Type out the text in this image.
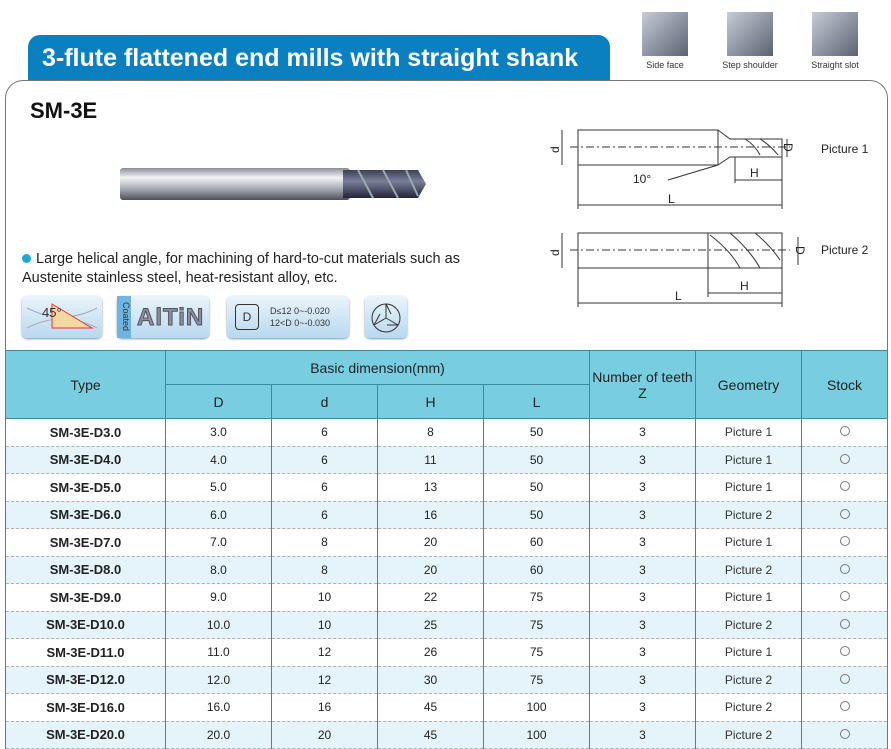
3-flute flattened end mills with straight shank	Side face	Step shoulder	Straight slot
SM-3E
Large helical angle, for machining of hard-to-cut materials such as Austenite stainless steel, heat-resistant alloy, etc.
45°	Coated AlTiN	D	D≤12 0~-0.020
12<D 0~-0.030
d	D
10°	H
L
Picture 1
d	D
H
L
Picture 2
Type	Basic dimension(mm)				Number of teeth Z	Geometry	Stock
	D	d	H	L			
SM-3E-D3.0	3.0	6	8	50	3	Picture 1	
SM-3E-D4.0	4.0	6	11	50	3	Picture 1	
SM-3E-D5.0	5.0	6	13	50	3	Picture 1	
SM-3E-D6.0	6.0	6	16	50	3	Picture 2	
SM-3E-D7.0	7.0	8	20	60	3	Picture 1	
SM-3E-D8.0	8.0	8	20	60	3	Picture 2	
SM-3E-D9.0	9.0	10	22	75	3	Picture 1	
SM-3E-D10.0	10.0	10	25	75	3	Picture 2	
SM-3E-D11.0	11.0	12	26	75	3	Picture 1	
SM-3E-D12.0	12.0	12	30	75	3	Picture 2	
SM-3E-D16.0	16.0	16	45	100	3	Picture 2	
SM-3E-D20.0	20.0	20	45	100	3	Picture 2	
